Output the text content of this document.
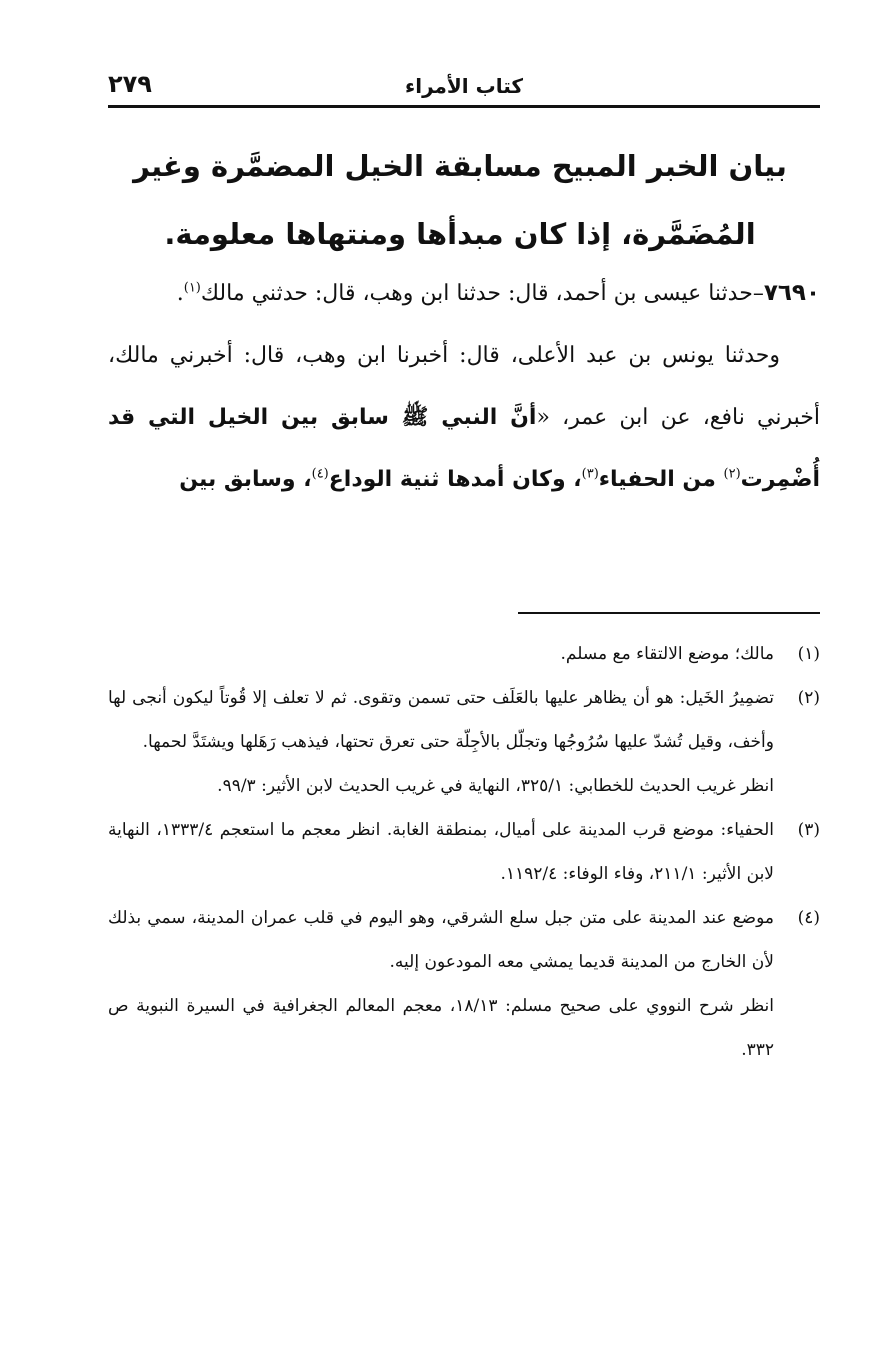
٢٧٩	كتاب الأمراء
بيان الخبر المبيح مسابقة الخيل المضمَّرة وغير المُضَمَّرة، إذا كان مبدأها ومنتهاها معلومة.

٧٦٩٠–حدثنا عيسى بن أحمد، قال: حدثنا ابن وهب، قال: حدثني مالك$^{(١)}$.

وحدثنا يونس بن عبد الأعلى، قال: أخبرنا ابن وهب، قال: أخبرني مالك، أخبرني نافع، عن ابن عمر، «أنَّ النبي ﷺ سابق بين الخيل التي قد أُضْمِرت$^{(٢)}$ من الحفياء$^{(٣)}$، وكان أمدها ثنية الوداع$^{(٤)}$، وسابق بين

(١)

مالك؛ موضع الالتقاء مع مسلم.

(٢)

تضمِيرُ الخَيل: هو أن يظاهر عليها بالعَلَف حتى تسمن وتقوى. ثم لا تعلف إلا قُوتاً ليكون أنجى لها وأخف، وقيل تُشدّ عليها سُرُوجُها وتجلّل بالأجِلّة حتى تعرق تحتها، فيذهب رَهَلها ويشتَدَّ لحمها.

انظر غريب الحديث للخطابي: ٣٢٥/١، النهاية في غريب الحديث لابن الأثير: ٩٩/٣.

(٣)

الحفياء: موضع قرب المدينة على أميال، بمنطقة الغابة. انظر معجم ما استعجم ١٣٣٣/٤، النهاية لابن الأثير: ٢١١/١، وفاء الوفاء: ١١٩٢/٤.

(٤)

موضع عند المدينة على متن جبل سلع الشرقي، وهو اليوم في قلب عمران المدينة، سمي بذلك لأن الخارج من المدينة قديما يمشي معه المودعون إليه.

انظر شرح النووي على صحيح مسلم: ١٨/١٣، معجم المعالم الجغرافية في السيرة النبوية ص ٣٣٢.
